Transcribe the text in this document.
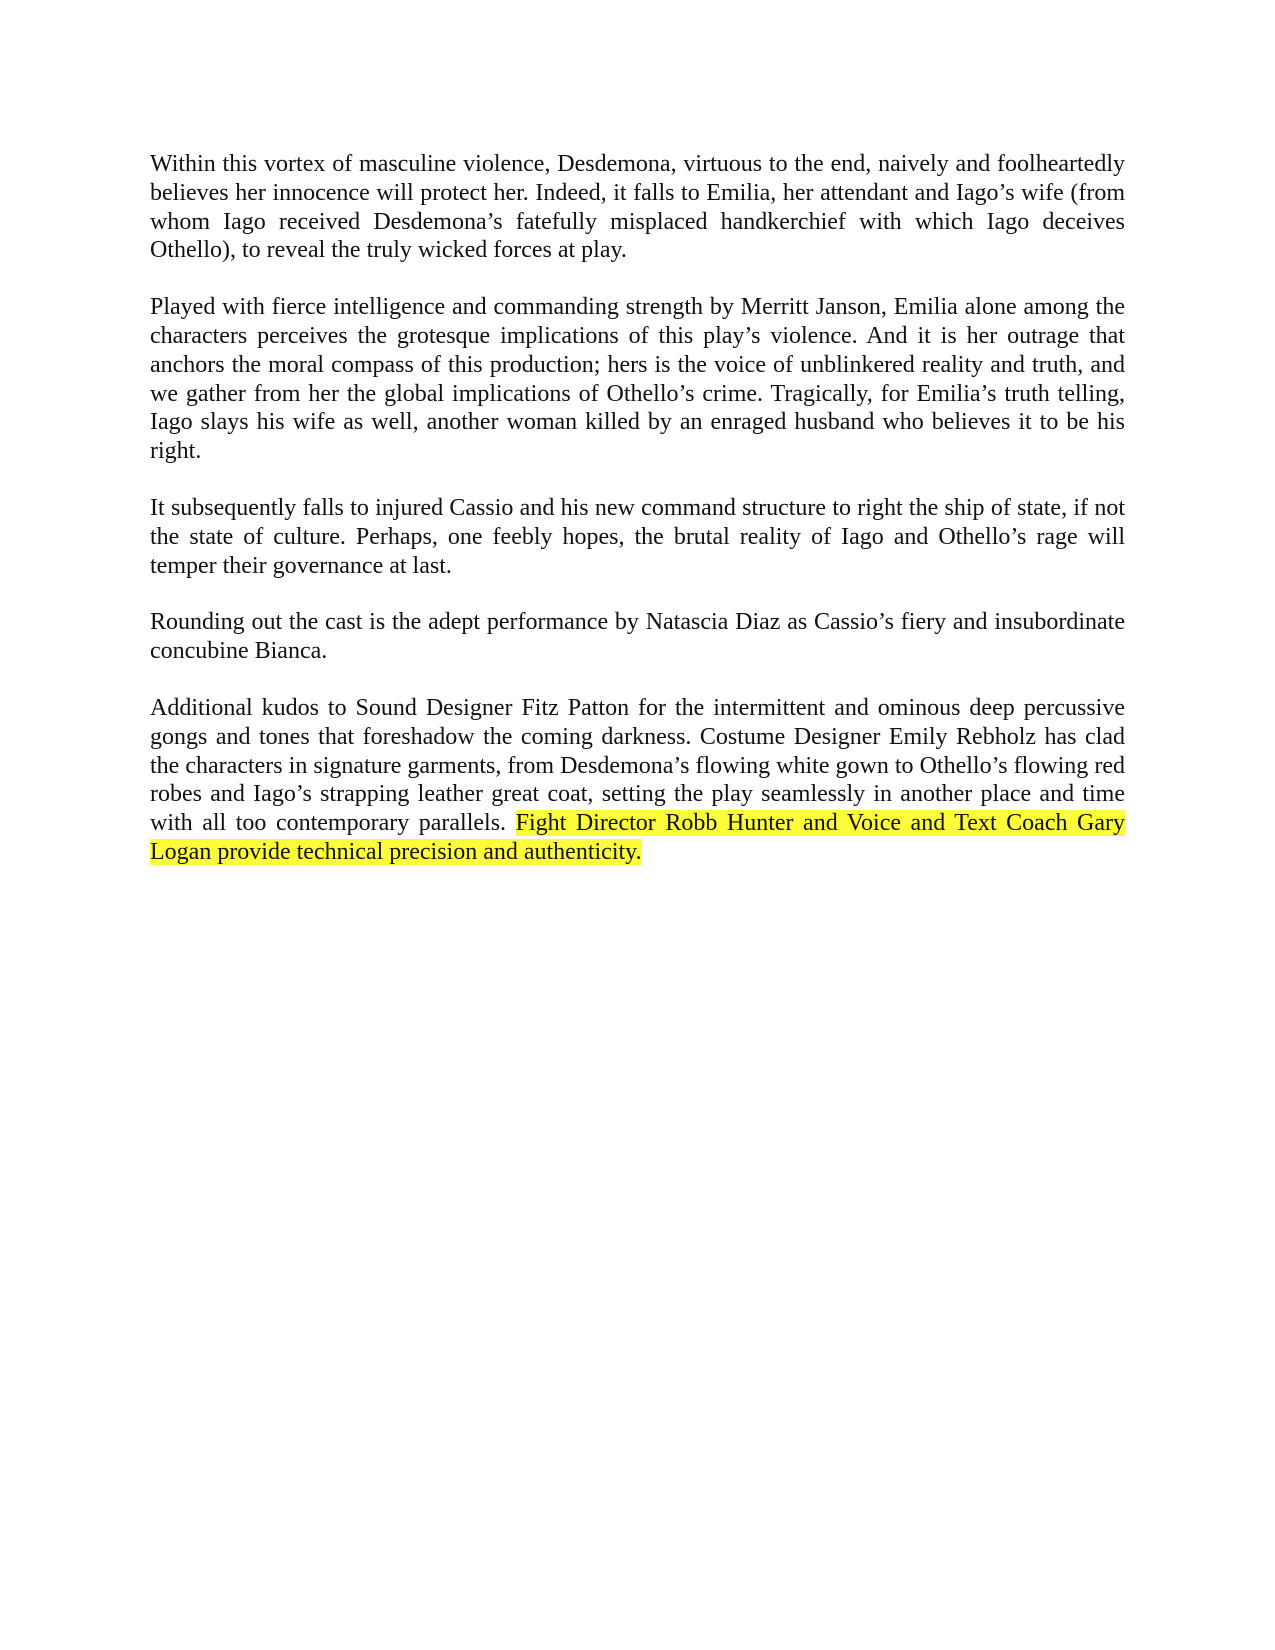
Within this vortex of masculine violence, Desdemona, virtuous to the end, naively and foolheartedly believes her innocence will protect her. Indeed, it falls to Emilia, her attendant and Iago’s wife (from whom Iago received Desdemona’s fatefully misplaced handkerchief with which Iago deceives Othello), to reveal the truly wicked forces at play.

Played with fierce intelligence and commanding strength by Merritt Janson, Emilia alone among the characters perceives the grotesque implications of this play’s violence. And it is her outrage that anchors the moral compass of this production; hers is the voice of unblinkered reality and truth, and we gather from her the global implications of Othello’s crime. Tragically, for Emilia’s truth telling, Iago slays his wife as well, another woman killed by an enraged husband who believes it to be his right.

It subsequently falls to injured Cassio and his new command structure to right the ship of state, if not the state of culture. Perhaps, one feebly hopes, the brutal reality of Iago and Othello’s rage will temper their governance at last.

Rounding out the cast is the adept performance by Natascia Diaz as Cassio’s fiery and insubordinate concubine Bianca.

Additional kudos to Sound Designer Fitz Patton for the intermittent and ominous deep percussive gongs and tones that foreshadow the coming darkness. Costume Designer Emily Rebholz has clad the characters in signature garments, from Desdemona’s flowing white gown to Othello’s flowing red robes and Iago’s strapping leather great coat, setting the play seamlessly in another place and time with all too contemporary parallels. Fight Director Robb Hunter and Voice and Text Coach Gary Logan provide technical precision and authenticity.
